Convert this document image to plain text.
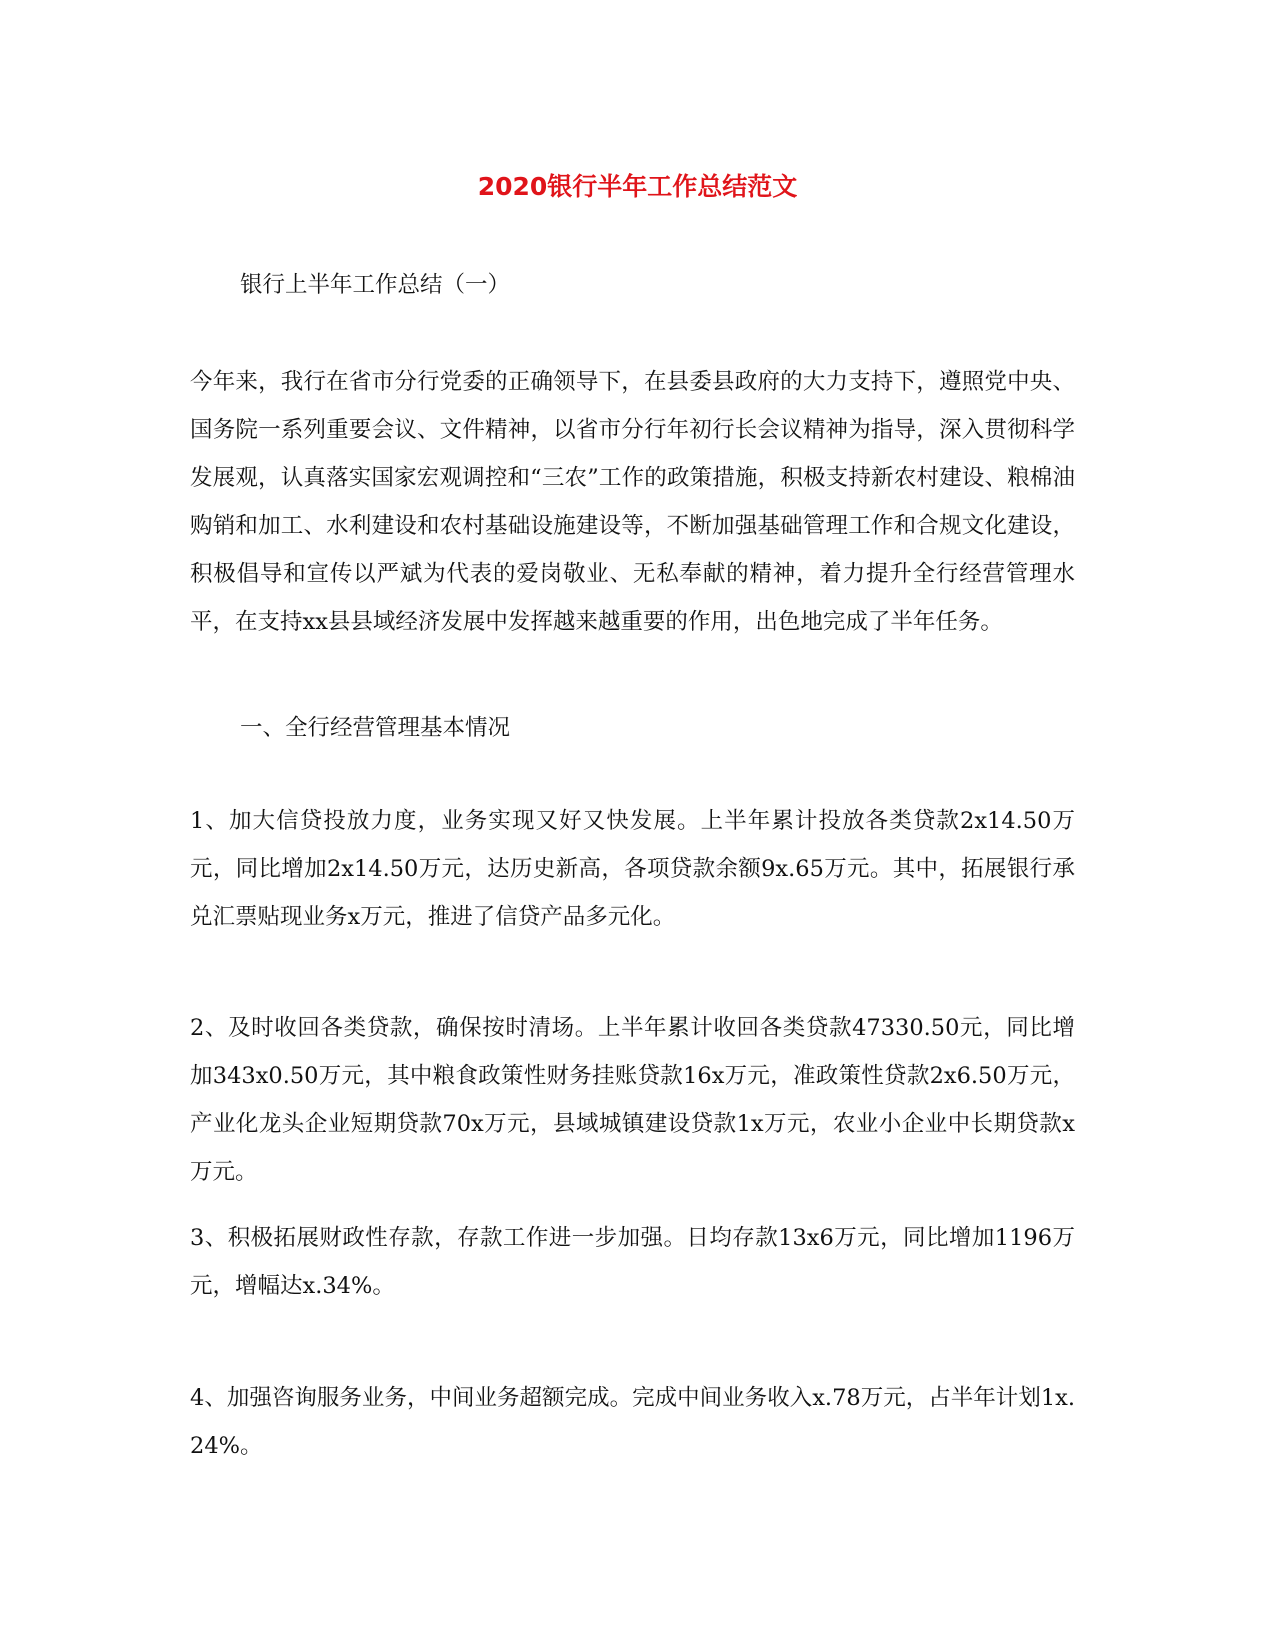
2020银行半年工作总结范文
银行上半年工作总结（一）
今年来，我行在省市分行党委的正确领导下，在县委县政府的大力支持下，遵照党中央、国务院一系列重要会议、文件精神，以省市分行年初行长会议精神为指导，深入贯彻科学发展观，认真落实国家宏观调控和“三农”工作的政策措施，积极支持新农村建设、粮棉油购销和加工、水利建设和农村基础设施建设等，不断加强基础管理工作和合规文化建设，积极倡导和宣传以严斌为代表的爱岗敬业、无私奉献的精神，着力提升全行经营管理水平，在支持xx县县域经济发展中发挥越来越重要的作用，出色地完成了半年任务。
一、全行经营管理基本情况
1、加大信贷投放力度，业务实现又好又快发展。上半年累计投放各类贷款2x14.50万元，同比增加2x14.50万元，达历史新高，各项贷款余额9x.65万元。其中，拓展银行承兑汇票贴现业务x万元，推进了信贷产品多元化。
2、及时收回各类贷款，确保按时清场。上半年累计收回各类贷款47330.50元，同比增加343x0.50万元，其中粮食政策性财务挂账贷款16x万元，准政策性贷款2x6.50万元，产业化龙头企业短期贷款70x万元，县域城镇建设贷款1x万元，农业小企业中长期贷款x万元。
3、积极拓展财政性存款，存款工作进一步加强。日均存款13x6万元，同比增加1196万元，增幅达x.34%。
4、加强咨询服务业务，中间业务超额完成。完成中间业务收入x.78万元，占半年计划1x.24%。
